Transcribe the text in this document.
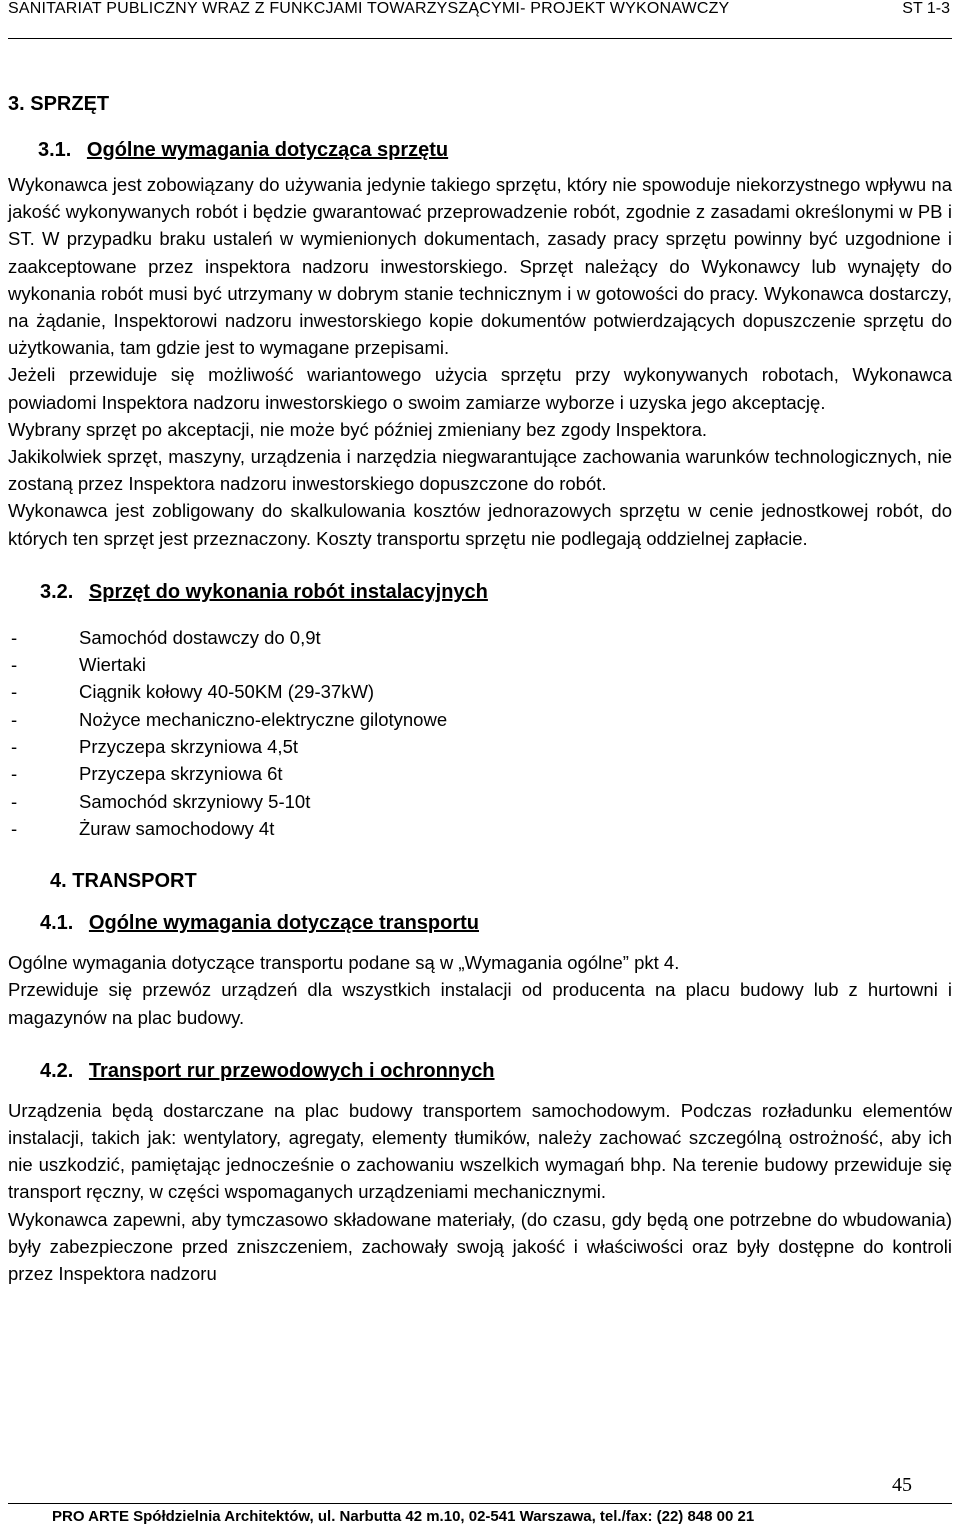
SANITARIAT PUBLICZNY WRAZ Z FUNKCJAMI TOWARZYSZĄCYMI- PROJEKT WYKONAWCZY	ST 1-3
3. SPRZĘT
3.1. Ogólne wymagania dotycząca sprzętu

Wykonawca jest zobowiązany do używania jedynie takiego sprzętu, który nie spowoduje niekorzystnego wpływu na jakość wykonywanych robót i będzie gwarantować przeprowadzenie robót, zgodnie z zasadami określonymi w PB i ST. W przypadku braku ustaleń w wymienionych dokumentach, zasady pracy sprzętu powinny być uzgodnione i zaakceptowane przez inspektora nadzoru inwestorskiego. Sprzęt należący do Wykonawcy lub wynajęty do wykonania robót musi być utrzymany w dobrym stanie technicznym i w gotowości do pracy. Wykonawca dostarczy, na żądanie, Inspektorowi nadzoru inwestorskiego kopie dokumentów potwierdzających dopuszczenie sprzętu do użytkowania, tam gdzie jest to wymagane przepisami.

Jeżeli przewiduje się możliwość wariantowego użycia sprzętu przy wykonywanych robotach, Wykonawca powiadomi Inspektora nadzoru inwestorskiego o swoim zamiarze wyborze i uzyska jego akceptację.

Wybrany sprzęt po akceptacji, nie może być później zmieniany bez zgody Inspektora.

Jakikolwiek sprzęt, maszyny, urządzenia i narzędzia niegwarantujące zachowania warunków technologicznych, nie zostaną przez Inspektora nadzoru inwestorskiego dopuszczone do robót.

Wykonawca jest zobligowany do skalkulowania kosztów jednorazowych sprzętu w cenie jednostkowej robót, do których ten sprzęt jest przeznaczony. Koszty transportu sprzętu nie podlegają oddzielnej zapłacie.

3.2. Sprzęt do wykonania robót instalacyjnych
-	Samochód dostawczy do 0,9t
-	Wiertaki
-	Ciągnik kołowy 40-50KM (29-37kW)
-	Nożyce mechaniczno-elektryczne gilotynowe
-	Przyczepa skrzyniowa 4,5t
-	Przyczepa skrzyniowa 6t
-	Samochód skrzyniowy 5-10t
-	Żuraw samochodowy 4t
4. TRANSPORT
4.1. Ogólne wymagania dotyczące transportu

Ogólne wymagania dotyczące transportu podane są w „Wymagania ogólne” pkt 4.

Przewiduje się przewóz urządzeń dla wszystkich instalacji od producenta na placu budowy lub z hurtowni i magazynów na plac budowy.

4.2. Transport rur przewodowych i ochronnych

Urządzenia będą dostarczane na plac budowy transportem samochodowym. Podczas rozładunku elementów instalacji, takich jak: wentylatory, agregaty, elementy tłumików, należy zachować szczególną ostrożność, aby ich nie uszkodzić, pamiętając jednocześnie o zachowaniu wszelkich wymagań bhp. Na terenie budowy przewiduje się transport ręczny, w części wspomaganych urządzeniami mechanicznymi.

Wykonawca zapewni, aby tymczasowo składowane materiały, (do czasu, gdy będą one potrzebne do wbudowania) były zabezpieczone przed zniszczeniem, zachowały swoją jakość i właściwości oraz były dostępne do kontroli przez Inspektora nadzoru

45
PRO ARTE Spółdzielnia Architektów, ul. Narbutta 42 m.10, 02-541 Warszawa, tel./fax: (22) 848 00 21
